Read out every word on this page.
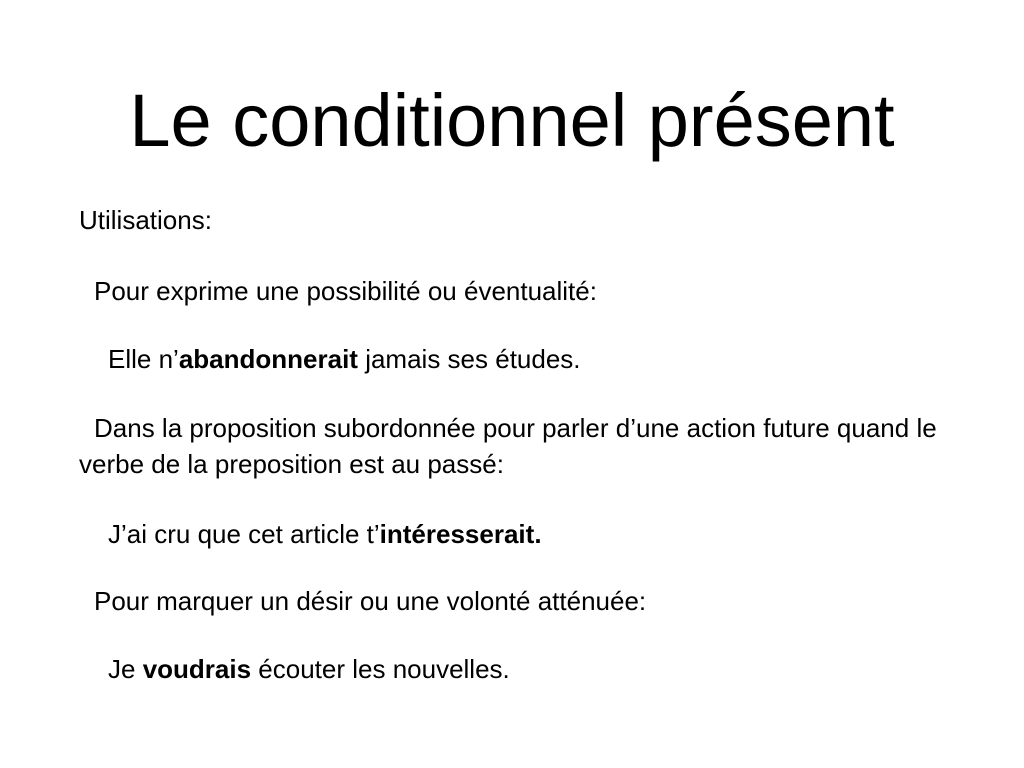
Le conditionnel présent

Utilisations:

Pour exprime une possibilité ou éventualité:

Elle n’abandonnerait jamais ses études.

Dans la proposition subordonnée pour parler d’une action future quand le verbe de la preposition est au passé:

J’ai cru que cet article t’intéresserait.

Pour marquer un désir ou une volonté atténuée:

Je voudrais écouter les nouvelles.
